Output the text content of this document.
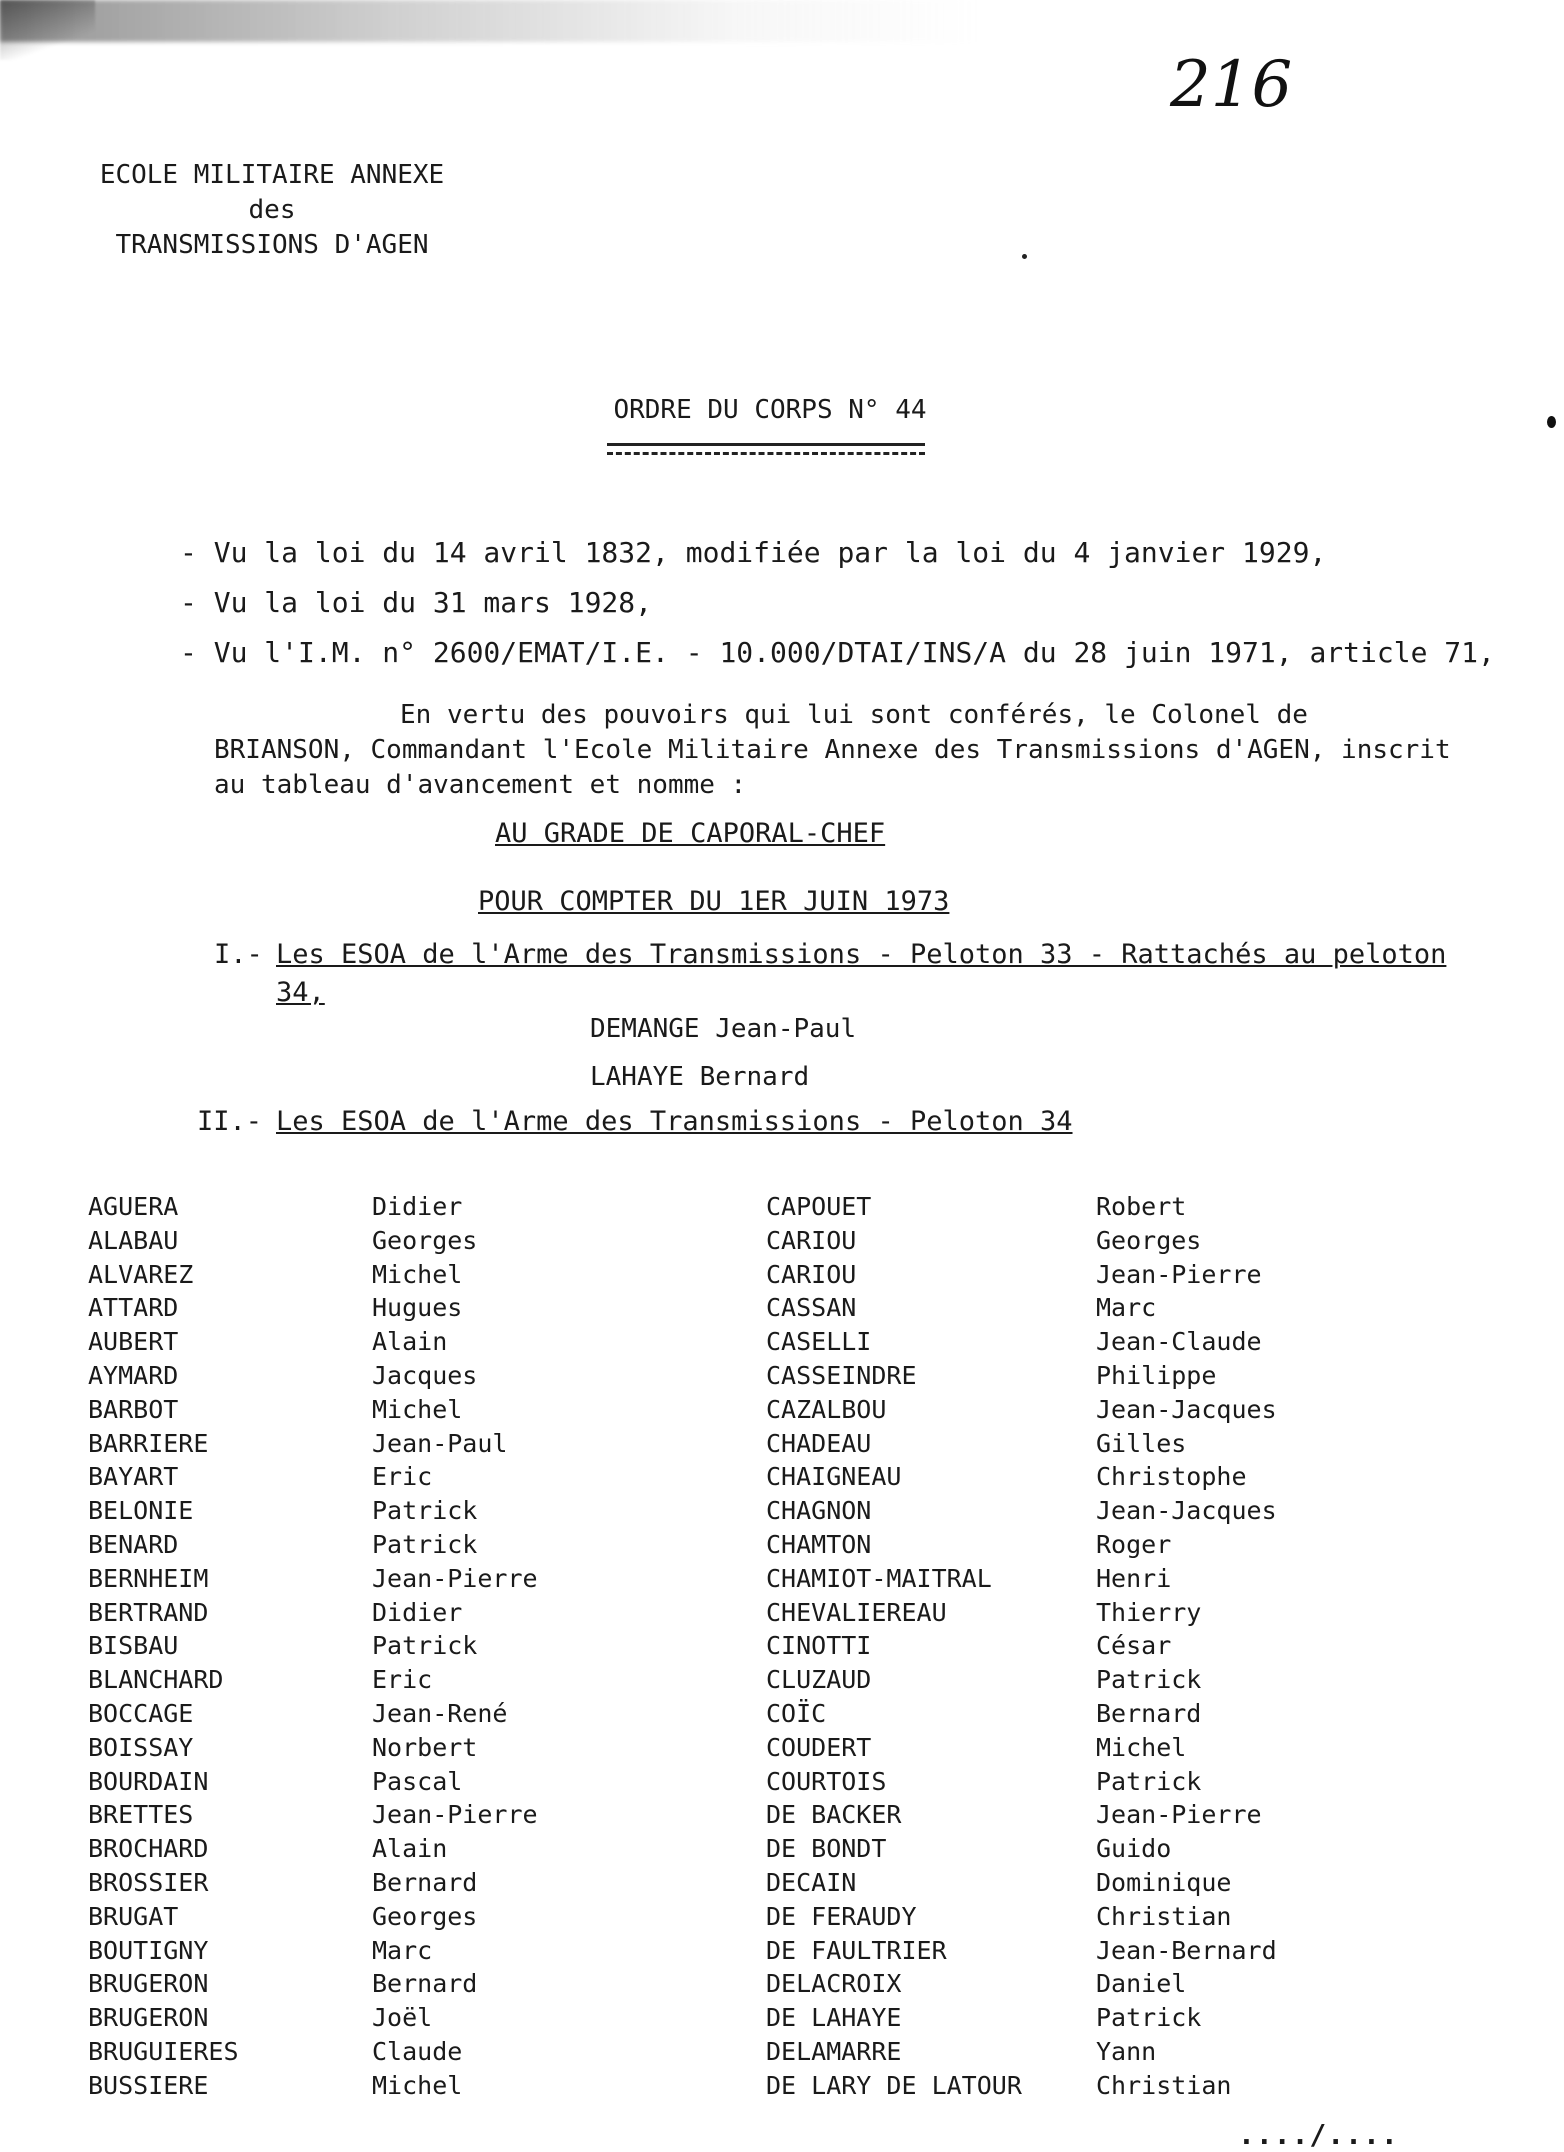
216
ECOLE MILITAIRE ANNEXE
des
TRANSMISSIONS D'AGEN
ORDRE DU CORPS N° 44
- Vu la loi du 14 avril 1832, modifiée par la loi du 4 janvier 1929,
- Vu la loi du 31 mars 1928,
- Vu l'I.M. n° 2600/EMAT/I.E. - 10.000/DTAI/INS/A du 28 juin 1971, article 71,
En vertu des pouvoirs qui lui sont conférés, le Colonel de
BRIANSON, Commandant l'Ecole Militaire Annexe des Transmissions d'AGEN, inscrit
au tableau d'avancement et nomme :
AU GRADE DE CAPORAL-CHEF
POUR COMPTER DU 1ER JUIN 1973
I.- Les ESOA de l'Arme des Transmissions - Peloton 33 - Rattachés au peloton
34,
DEMANGE Jean-Paul
LAHAYE Bernard
II.- Les ESOA de l'Arme des Transmissions - Peloton 34
AGUERA	Didier	CAPOUET	Robert
ALABAU	Georges	CARIOU	Georges
ALVAREZ	Michel	CARIOU	Jean-Pierre
ATTARD	Hugues	CASSAN	Marc
AUBERT	Alain	CASELLI	Jean-Claude
AYMARD	Jacques	CASSEINDRE	Philippe
BARBOT	Michel	CAZALBOU	Jean-Jacques
BARRIERE	Jean-Paul	CHADEAU	Gilles
BAYART	Eric	CHAIGNEAU	Christophe
BELONIE	Patrick	CHAGNON	Jean-Jacques
BENARD	Patrick	CHAMTON	Roger
BERNHEIM	Jean-Pierre	CHAMIOT-MAITRAL	Henri
BERTRAND	Didier	CHEVALIEREAU	Thierry
BISBAU	Patrick	CINOTTI	César
BLANCHARD	Eric	CLUZAUD	Patrick
BOCCAGE	Jean-René	COÏC	Bernard
BOISSAY	Norbert	COUDERT	Michel
BOURDAIN	Pascal	COURTOIS	Patrick
BRETTES	Jean-Pierre	DE BACKER	Jean-Pierre
BROCHARD	Alain	DE BONDT	Guido
BROSSIER	Bernard	DECAIN	Dominique
BRUGAT	Georges	DE FERAUDY	Christian
BOUTIGNY	Marc	DE FAULTRIER	Jean-Bernard
BRUGERON	Bernard	DELACROIX	Daniel
BRUGERON	Joël	DE LAHAYE	Patrick
BRUGUIERES	Claude	DELAMARRE	Yann
BUSSIERE	Michel	DE LARY DE LATOUR	Christian
..../....
